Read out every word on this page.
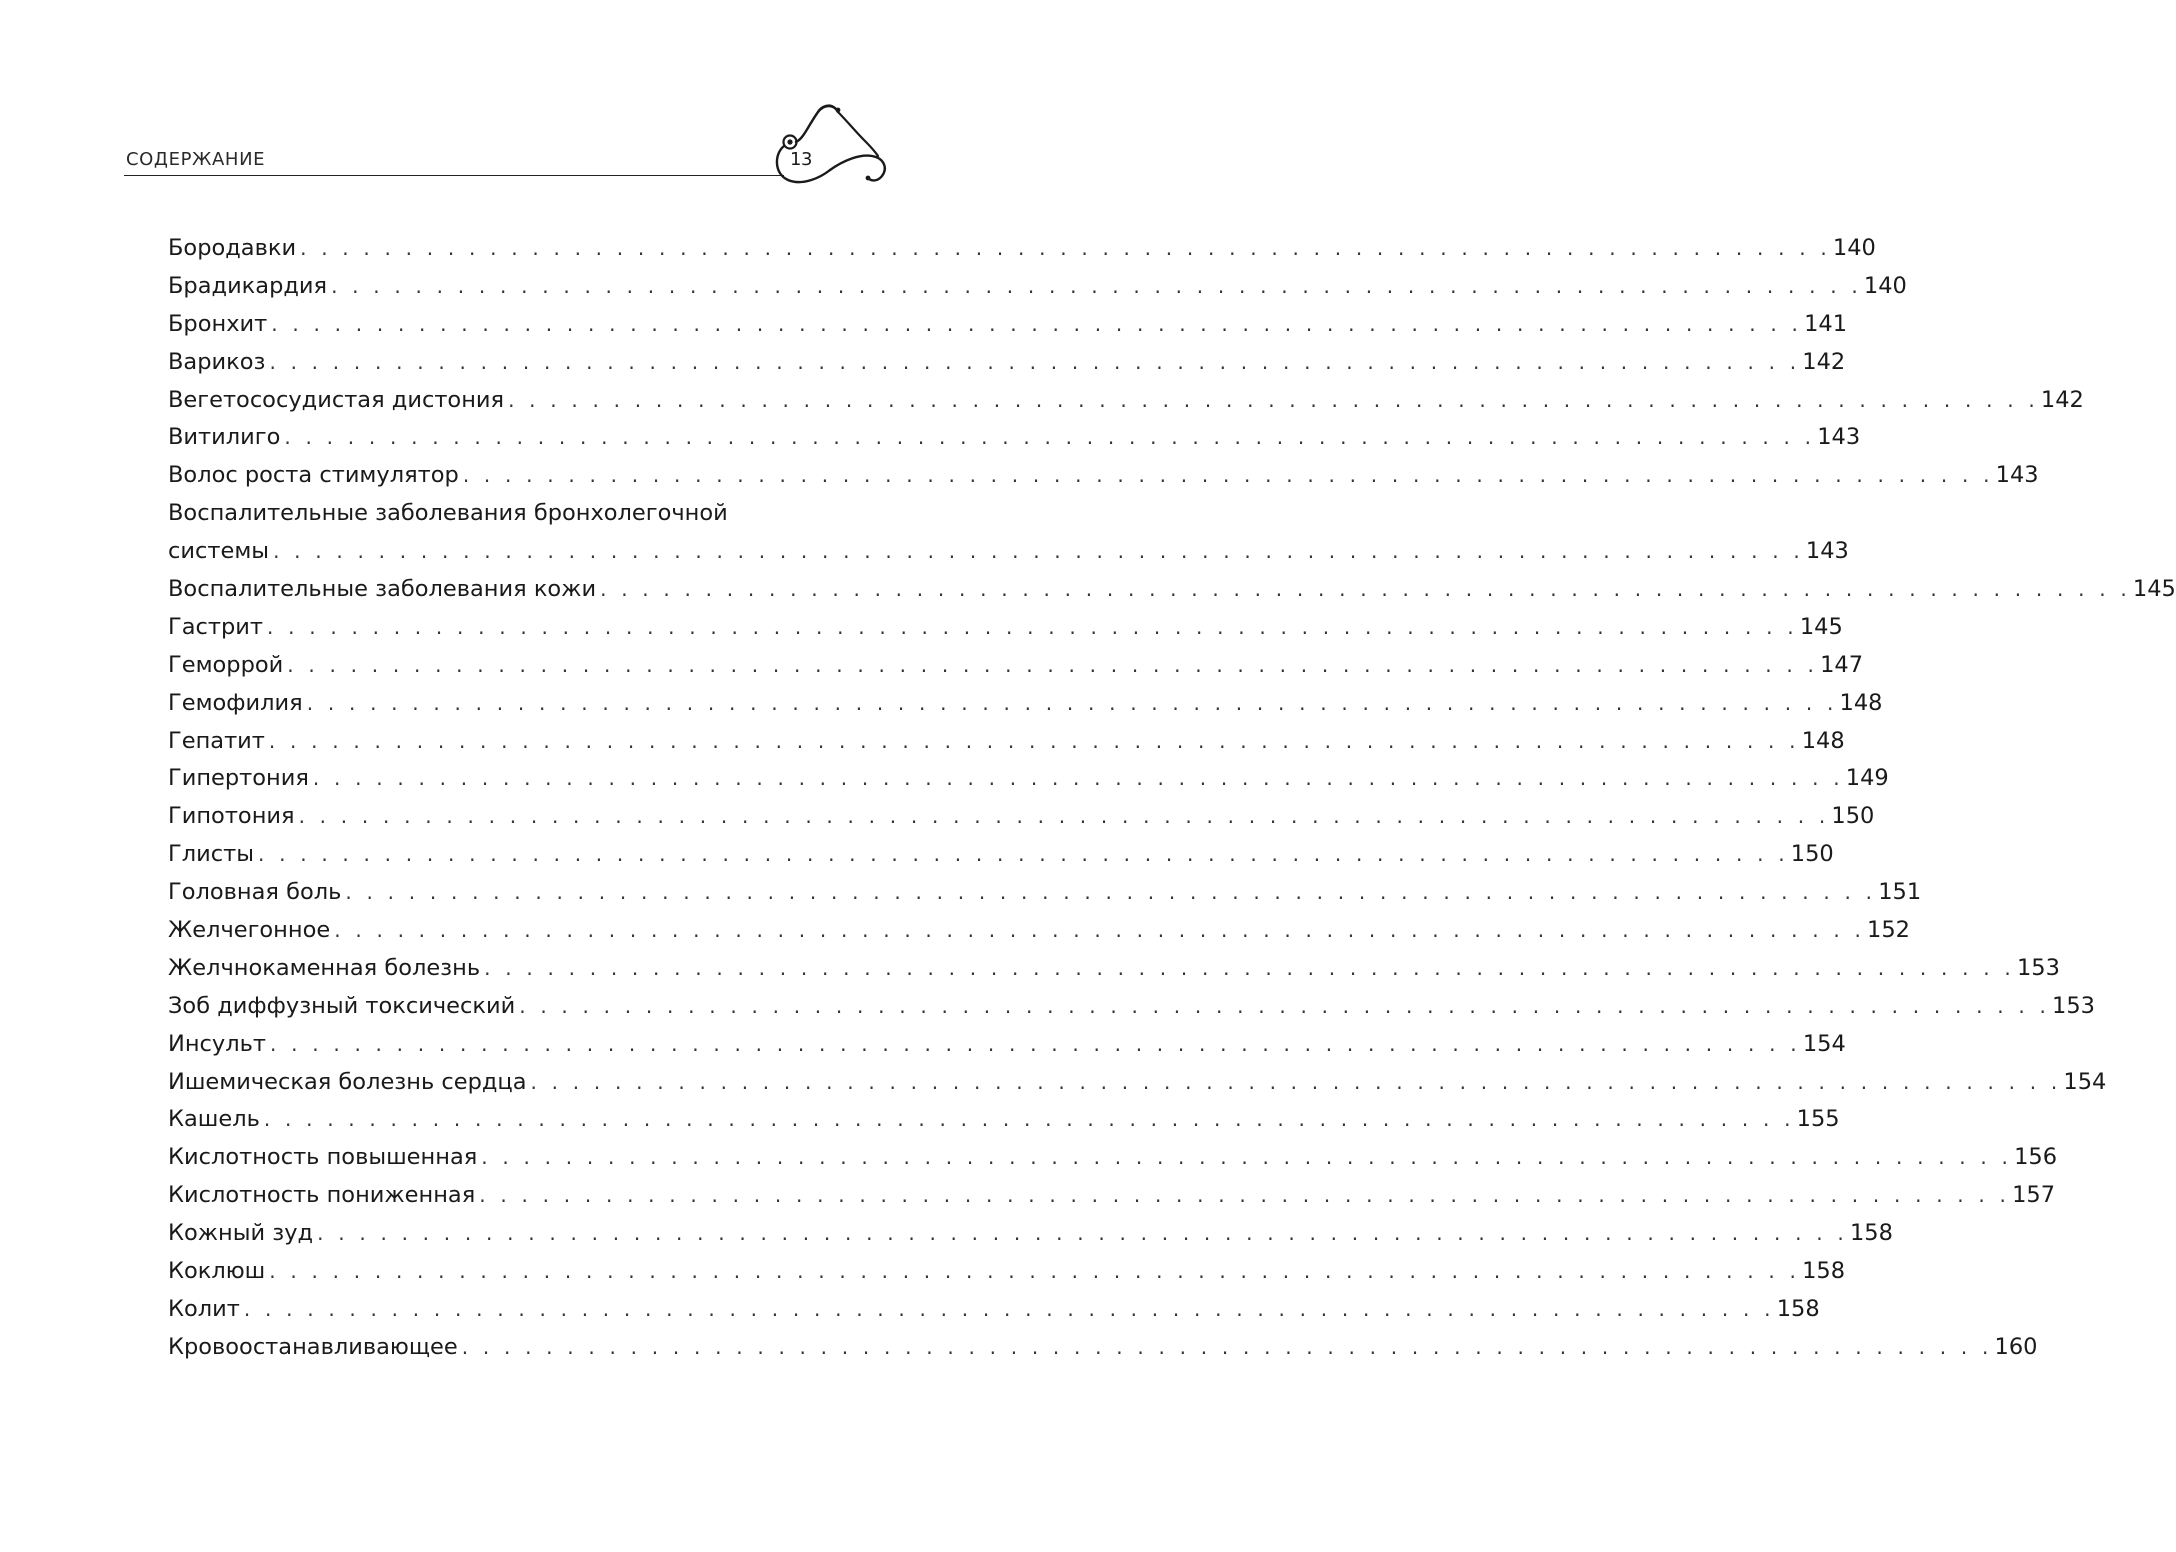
СОДЕРЖАНИЕ	13
Бородавки . . . . . . . . . . . . . . . . . . . . . . . . . . . . . . . . . . . . . . . . . . . . . . . . . . . . . . . . . . . . . . . . . . . . . . . . . 140
Брадикардия . . . . . . . . . . . . . . . . . . . . . . . . . . . . . . . . . . . . . . . . . . . . . . . . . . . . . . . . . . . . . . . . . . . . . . . . . 140
Бронхит . . . . . . . . . . . . . . . . . . . . . . . . . . . . . . . . . . . . . . . . . . . . . . . . . . . . . . . . . . . . . . . . . . . . . . . . . 141
Варикоз . . . . . . . . . . . . . . . . . . . . . . . . . . . . . . . . . . . . . . . . . . . . . . . . . . . . . . . . . . . . . . . . . . . . . . . . . 142
Вегетососудистая дистония . . . . . . . . . . . . . . . . . . . . . . . . . . . . . . . . . . . . . . . . . . . . . . . . . . . . . . . . . . . . . . . . . . . . . . . . . 142
Витилиго . . . . . . . . . . . . . . . . . . . . . . . . . . . . . . . . . . . . . . . . . . . . . . . . . . . . . . . . . . . . . . . . . . . . . . . . . 143
Волос роста стимулятор . . . . . . . . . . . . . . . . . . . . . . . . . . . . . . . . . . . . . . . . . . . . . . . . . . . . . . . . . . . . . . . . . . . . . . . . . 143
Воспалительные заболевания бронхолегочной
системы . . . . . . . . . . . . . . . . . . . . . . . . . . . . . . . . . . . . . . . . . . . . . . . . . . . . . . . . . . . . . . . . . . . . . . . . . 143
Воспалительные заболевания кожи . . . . . . . . . . . . . . . . . . . . . . . . . . . . . . . . . . . . . . . . . . . . . . . . . . . . . . . . . . . . . . . . . . . . . . . . . 145
Гастрит . . . . . . . . . . . . . . . . . . . . . . . . . . . . . . . . . . . . . . . . . . . . . . . . . . . . . . . . . . . . . . . . . . . . . . . . . 145
Геморрой . . . . . . . . . . . . . . . . . . . . . . . . . . . . . . . . . . . . . . . . . . . . . . . . . . . . . . . . . . . . . . . . . . . . . . . . . 147
Гемофилия . . . . . . . . . . . . . . . . . . . . . . . . . . . . . . . . . . . . . . . . . . . . . . . . . . . . . . . . . . . . . . . . . . . . . . . . . 148
Гепатит . . . . . . . . . . . . . . . . . . . . . . . . . . . . . . . . . . . . . . . . . . . . . . . . . . . . . . . . . . . . . . . . . . . . . . . . . 148
Гипертония . . . . . . . . . . . . . . . . . . . . . . . . . . . . . . . . . . . . . . . . . . . . . . . . . . . . . . . . . . . . . . . . . . . . . . . . . 149
Гипотония . . . . . . . . . . . . . . . . . . . . . . . . . . . . . . . . . . . . . . . . . . . . . . . . . . . . . . . . . . . . . . . . . . . . . . . . . 150
Глисты . . . . . . . . . . . . . . . . . . . . . . . . . . . . . . . . . . . . . . . . . . . . . . . . . . . . . . . . . . . . . . . . . . . . . . . . . 150
Головная боль . . . . . . . . . . . . . . . . . . . . . . . . . . . . . . . . . . . . . . . . . . . . . . . . . . . . . . . . . . . . . . . . . . . . . . . . . 151
Желчегонное . . . . . . . . . . . . . . . . . . . . . . . . . . . . . . . . . . . . . . . . . . . . . . . . . . . . . . . . . . . . . . . . . . . . . . . . . 152
Желчнокаменная болезнь . . . . . . . . . . . . . . . . . . . . . . . . . . . . . . . . . . . . . . . . . . . . . . . . . . . . . . . . . . . . . . . . . . . . . . . . . 153
Зоб диффузный токсический . . . . . . . . . . . . . . . . . . . . . . . . . . . . . . . . . . . . . . . . . . . . . . . . . . . . . . . . . . . . . . . . . . . . . . . . . 153
Инсульт . . . . . . . . . . . . . . . . . . . . . . . . . . . . . . . . . . . . . . . . . . . . . . . . . . . . . . . . . . . . . . . . . . . . . . . . . 154
Ишемическая болезнь сердца . . . . . . . . . . . . . . . . . . . . . . . . . . . . . . . . . . . . . . . . . . . . . . . . . . . . . . . . . . . . . . . . . . . . . . . . . 154
Кашель . . . . . . . . . . . . . . . . . . . . . . . . . . . . . . . . . . . . . . . . . . . . . . . . . . . . . . . . . . . . . . . . . . . . . . . . . 155
Кислотность повышенная . . . . . . . . . . . . . . . . . . . . . . . . . . . . . . . . . . . . . . . . . . . . . . . . . . . . . . . . . . . . . . . . . . . . . . . . . 156
Кислотность пониженная . . . . . . . . . . . . . . . . . . . . . . . . . . . . . . . . . . . . . . . . . . . . . . . . . . . . . . . . . . . . . . . . . . . . . . . . . 157
Кожный зуд . . . . . . . . . . . . . . . . . . . . . . . . . . . . . . . . . . . . . . . . . . . . . . . . . . . . . . . . . . . . . . . . . . . . . . . . . 158
Коклюш . . . . . . . . . . . . . . . . . . . . . . . . . . . . . . . . . . . . . . . . . . . . . . . . . . . . . . . . . . . . . . . . . . . . . . . . . 158
Колит . . . . . . . . . . . . . . . . . . . . . . . . . . . . . . . . . . . . . . . . . . . . . . . . . . . . . . . . . . . . . . . . . . . . . . . . . 158
Кровоостанавливающее . . . . . . . . . . . . . . . . . . . . . . . . . . . . . . . . . . . . . . . . . . . . . . . . . . . . . . . . . . . . . . . . . . . . . . . . . 160
